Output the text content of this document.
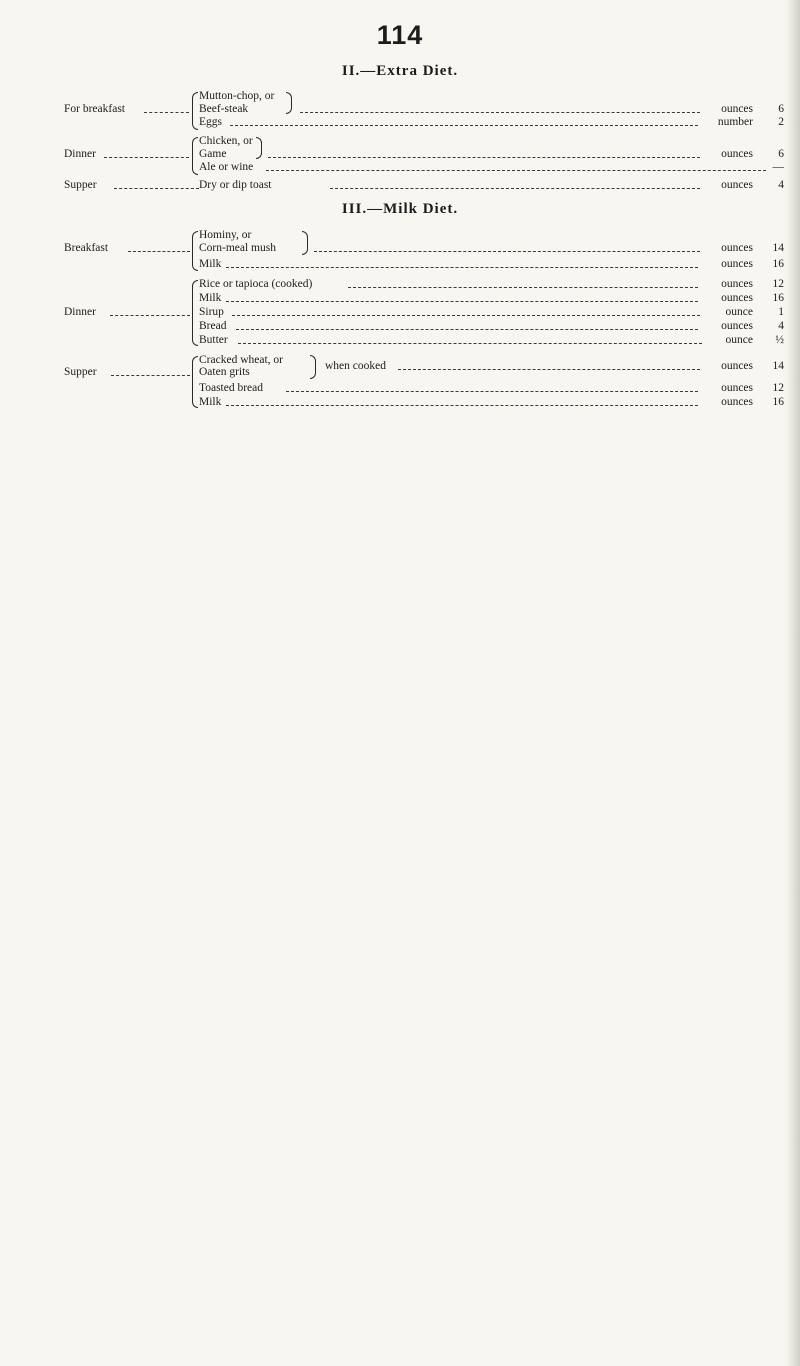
114
II.—Extra Diet.
Mutton-chop, or
For breakfast	Beef-steak	ounces	6
Eggs	number	2
Chicken, or
Dinner	Game	ounces	6
Ale or wine	—
Supper	Dry or dip toast	ounces	4
III.—Milk Diet.
Hominy, or
Breakfast	Corn-meal mush	ounces	14
Milk	ounces	16
Rice or tapioca (cooked)	ounces	12
Milk	ounces	16
Dinner	Sirup	ounce	1
Bread	ounces	4
Butter	ounce	½
Cracked wheat, or
Supper	Oaten grits	when cooked	ounces	14
Toasted bread	ounces	12
Milk	ounces	16
